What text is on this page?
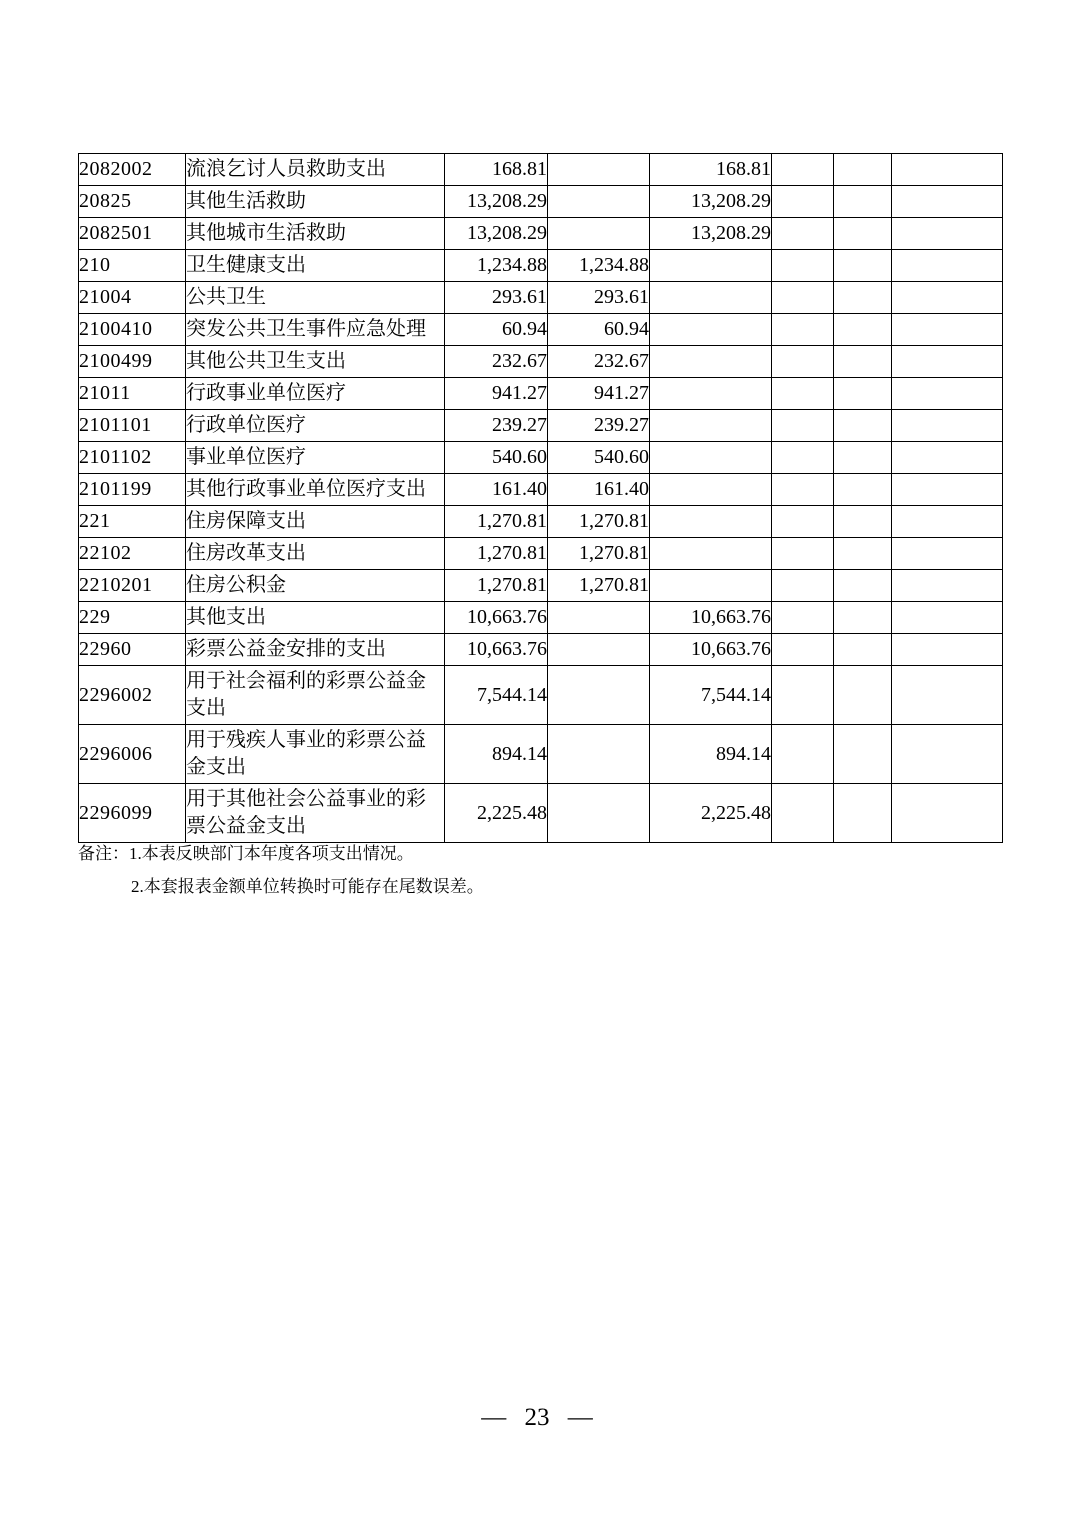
2082002	流浪乞讨人员救助支出	168.81		168.81			
20825	其他生活救助	13,208.29		13,208.29			
2082501	其他城市生活救助	13,208.29		13,208.29			
210	卫生健康支出	1,234.88	1,234.88				
21004	公共卫生	293.61	293.61				
2100410	突发公共卫生事件应急处理	60.94	60.94				
2100499	其他公共卫生支出	232.67	232.67				
21011	行政事业单位医疗	941.27	941.27				
2101101	行政单位医疗	239.27	239.27				
2101102	事业单位医疗	540.60	540.60				
2101199	其他行政事业单位医疗支出	161.40	161.40				
221	住房保障支出	1,270.81	1,270.81				
22102	住房改革支出	1,270.81	1,270.81				
2210201	住房公积金	1,270.81	1,270.81				
229	其他支出	10,663.76		10,663.76			
22960	彩票公益金安排的支出	10,663.76		10,663.76			
2296002	用于社会福利的彩票公益金支出	7,544.14		7,544.14			
2296006	用于残疾人事业的彩票公益金支出	894.14		894.14			
2296099	用于其他社会公益事业的彩票公益金支出	2,225.48		2,225.48			
备注：1.本表反映部门本年度各项支出情况。
2.本套报表金额单位转换时可能存在尾数误差。
— 23 —
